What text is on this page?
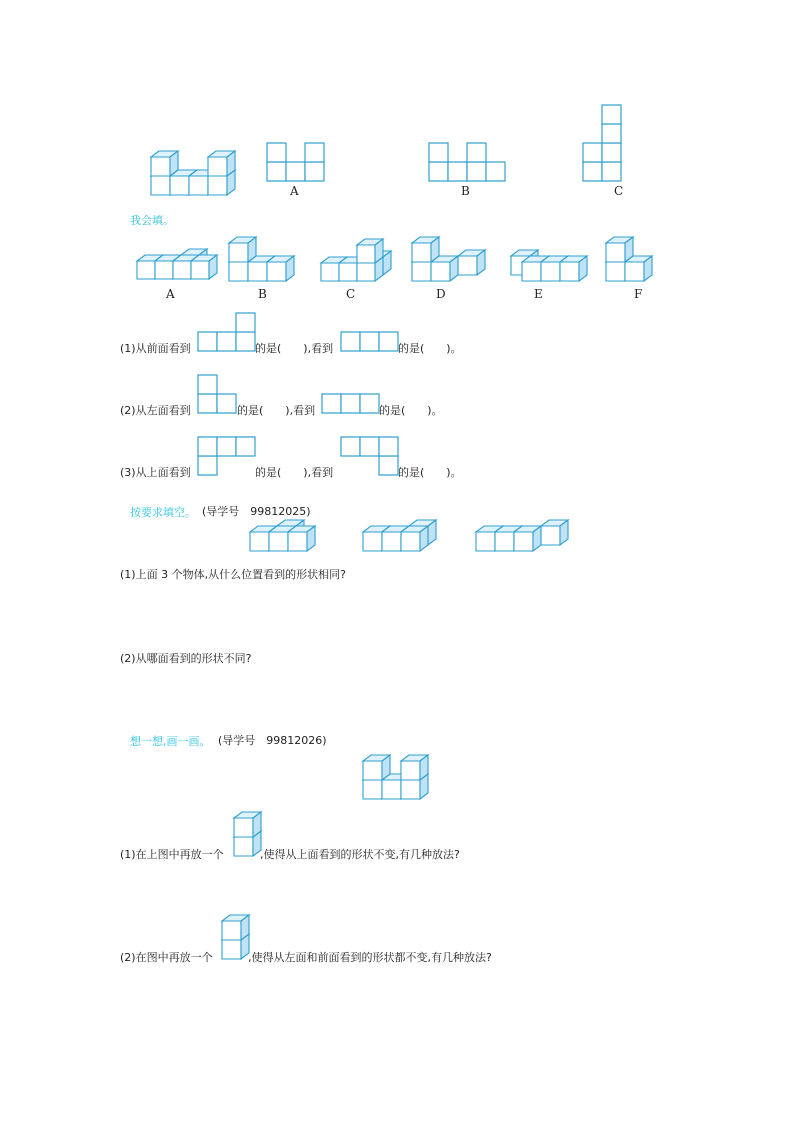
A	B	C
我会填。
A	B	C	D	E	F
(1)从前面看到	的是(　　),看到	的是(　　)。
(2)从左面看到	的是(　　),看到	的是(　　)。
(3)从上面看到	的是(　　),看到	的是(　　)。
按要求填空。 (导学号　99812025)
(1)上面 3 个物体,从什么位置看到的形状相同?
(2)从哪面看到的形状不同?
想一想,画一画。 (导学号　99812026)
(1)在上图中再放一个	,使得从上面看到的形状不变,有几种放法?
(2)在图中再放一个	,使得从左面和前面看到的形状都不变,有几种放法?
